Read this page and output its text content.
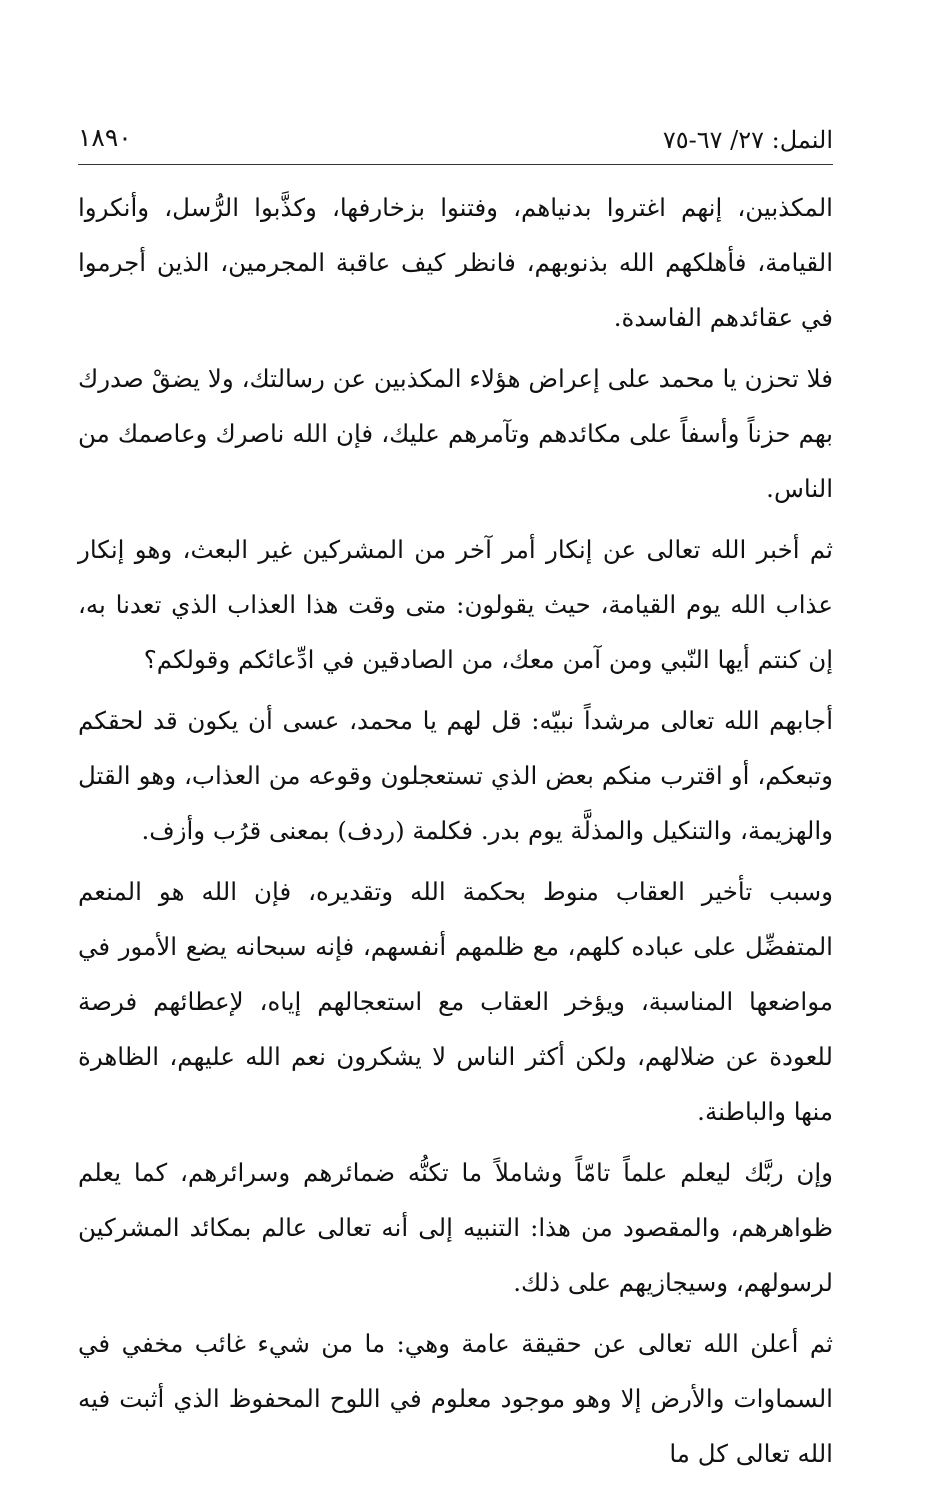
النمل: ٢٧/ ٦٧-٧٥
١٨٩٠

المكذبين، إنهم اغتروا بدنياهم، وفتنوا بزخارفها، وكذَّبوا الرُّسل، وأنكروا القيامة، فأهلكهم الله بذنوبهم، فانظر كيف عاقبة المجرمين، الذين أجرموا في عقائدهم الفاسدة.

فلا تحزن يا محمد على إعراض هؤلاء المكذبين عن رسالتك، ولا يضقْ صدرك بهم حزناً وأسفاً على مكائدهم وتآمرهم عليك، فإن الله ناصرك وعاصمك من الناس.

ثم أخبر الله تعالى عن إنكار أمر آخر من المشركين غير البعث، وهو إنكار عذاب الله يوم القيامة، حيث يقولون: متى وقت هذا العذاب الذي تعدنا به، إن كنتم أيها النّبي ومن آمن معك، من الصادقين في ادِّعائكم وقولكم؟

أجابهم الله تعالى مرشداً نبيّه: قل لهم يا محمد، عسى أن يكون قد لحقكم وتبعكم، أو اقترب منكم بعض الذي تستعجلون وقوعه من العذاب، وهو القتل والهزيمة، والتنكيل والمذلَّة يوم بدر. فكلمة (ردف) بمعنى قرُب وأزف.

وسبب تأخير العقاب منوط بحكمة الله وتقديره، فإن الله هو المنعم المتفضِّل على عباده كلهم، مع ظلمهم أنفسهم، فإنه سبحانه يضع الأمور في مواضعها المناسبة، ويؤخر العقاب مع استعجالهم إياه، لإعطائهم فرصة للعودة عن ضلالهم، ولكن أكثر الناس لا يشكرون نعم الله عليهم، الظاهرة منها والباطنة.

وإن ربَّك ليعلم علماً تامّاً وشاملاً ما تكنُّه ضمائرهم وسرائرهم، كما يعلم ظواهرهم، والمقصود من هذا: التنبيه إلى أنه تعالى عالم بمكائد المشركين لرسولهم، وسيجازيهم على ذلك.

ثم أعلن الله تعالى عن حقيقة عامة وهي: ما من شيء غائب مخفي في السماوات والأرض إلا وهو موجود معلوم في اللوح المحفوظ الذي أثبت فيه الله تعالى كل ما
